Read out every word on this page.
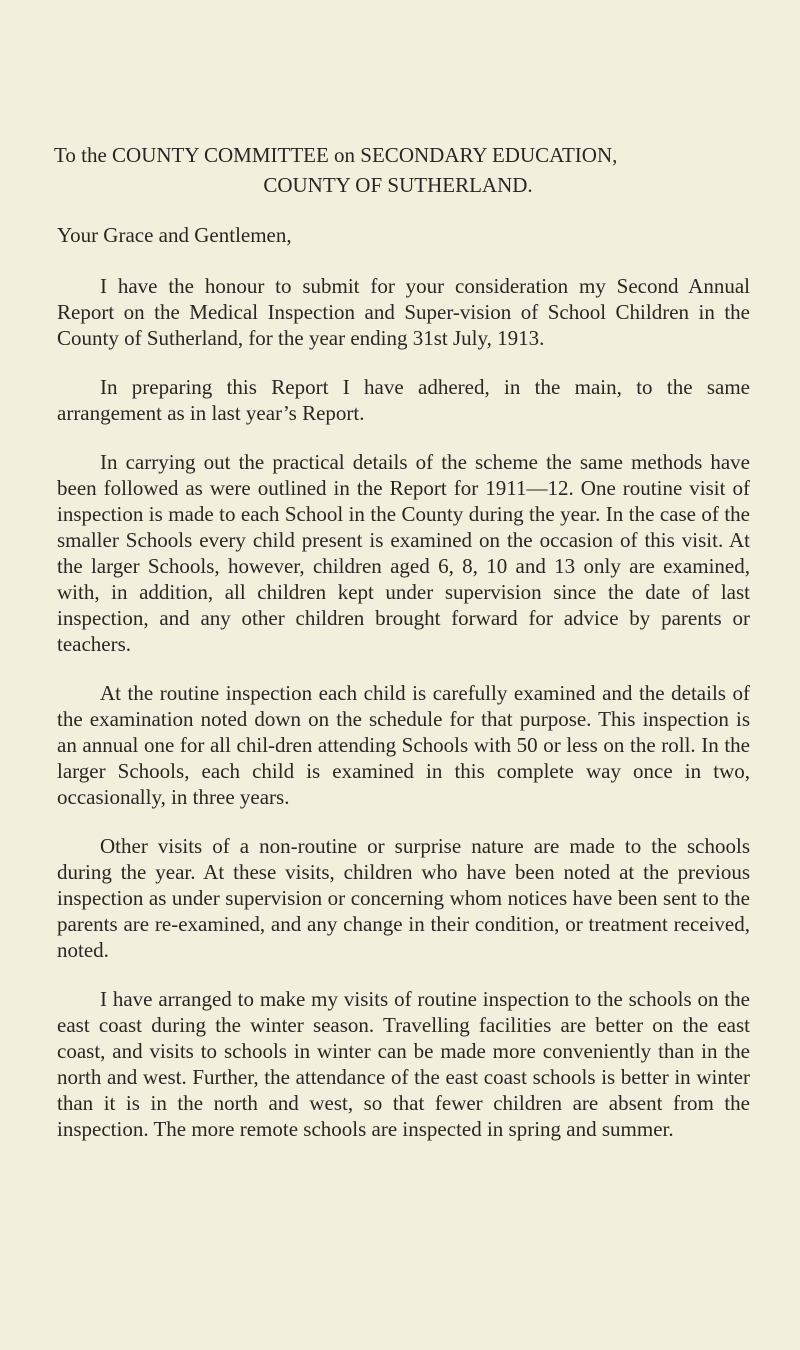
To the COUNTY COMMITTEE on SECONDARY EDUCATION,
COUNTY OF SUTHERLAND.
Your Grace and Gentlemen,

I have the honour to submit for your consideration my Second Annual Report on the Medical Inspection and Super-vision of School Children in the County of Sutherland, for the year ending 31st July, 1913.

In preparing this Report I have adhered, in the main, to the same arrangement as in last year’s Report.

In carrying out the practical details of the scheme the same methods have been followed as were outlined in the Report for 1911—12. One routine visit of inspection is made to each School in the County during the year. In the case of the smaller Schools every child present is examined on the occasion of this visit. At the larger Schools, however, children aged 6, 8, 10 and 13 only are examined, with, in addition, all children kept under supervision since the date of last inspection, and any other children brought forward for advice by parents or teachers.

At the routine inspection each child is carefully examined and the details of the examination noted down on the schedule for that purpose. This inspection is an annual one for all chil-dren attending Schools with 50 or less on the roll. In the larger Schools, each child is examined in this complete way once in two, occasionally, in three years.

Other visits of a non-routine or surprise nature are made to the schools during the year. At these visits, children who have been noted at the previous inspection as under supervision or concerning whom notices have been sent to the parents are re-examined, and any change in their condition, or treatment received, noted.

I have arranged to make my visits of routine inspection to the schools on the east coast during the winter season. Travelling facilities are better on the east coast, and visits to schools in winter can be made more conveniently than in the north and west. Further, the attendance of the east coast schools is better in winter than it is in the north and west, so that fewer children are absent from the inspection. The more remote schools are inspected in spring and summer.
